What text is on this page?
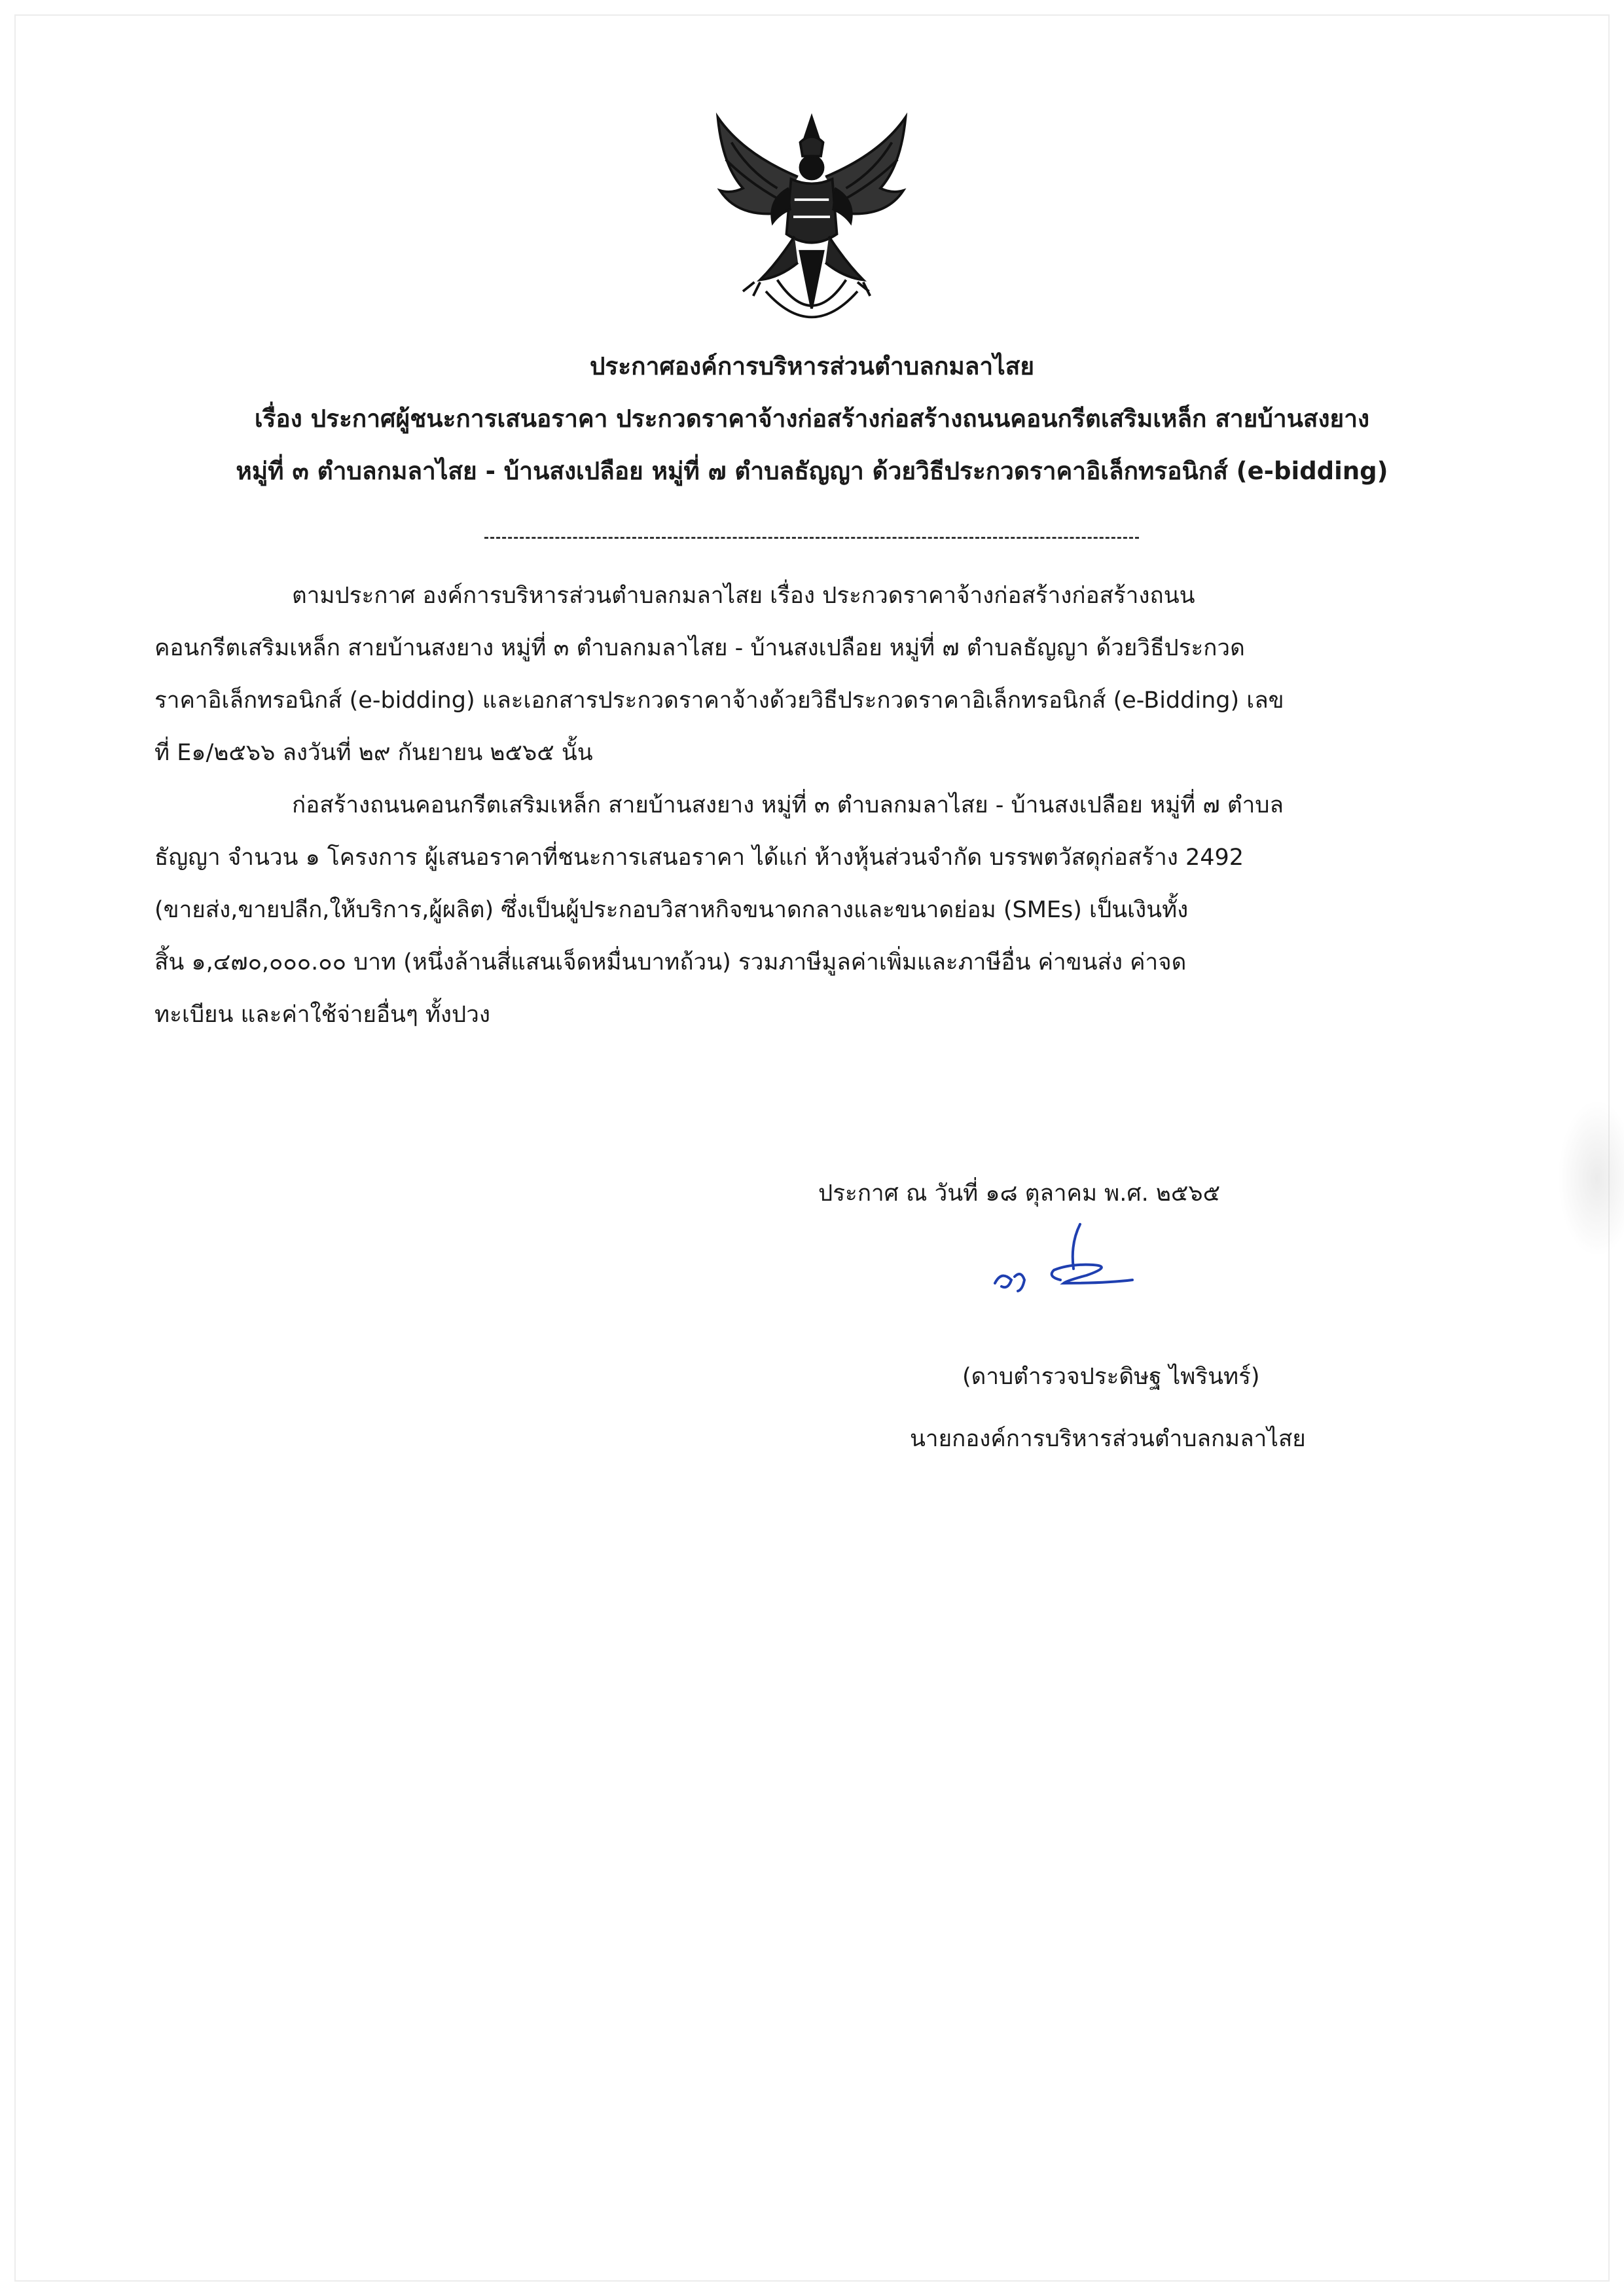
ประกาศองค์การบริหารส่วนตำบลกมลาไสย
เรื่อง ประกาศผู้ชนะการเสนอราคา ประกวดราคาจ้างก่อสร้างก่อสร้างถนนคอนกรีตเสริมเหล็ก สายบ้านสงยาง
หมู่ที่ ๓ ตำบลกมลาไสย - บ้านสงเปลือย หมู่ที่ ๗ ตำบลธัญญา ด้วยวิธีประกวดราคาอิเล็กทรอนิกส์ (e-bidding)
ตามประกาศ องค์การบริหารส่วนตำบลกมลาไสย เรื่อง ประกวดราคาจ้างก่อสร้างก่อสร้างถนน
คอนกรีตเสริมเหล็ก สายบ้านสงยาง หมู่ที่ ๓ ตำบลกมลาไสย - บ้านสงเปลือย หมู่ที่ ๗ ตำบลธัญญา ด้วยวิธีประกวด
ราคาอิเล็กทรอนิกส์ (e-bidding) และเอกสารประกวดราคาจ้างด้วยวิธีประกวดราคาอิเล็กทรอนิกส์ (e-Bidding) เลข
ที่ E๑/๒๕๖๖ ลงวันที่ ๒๙ กันยายน ๒๕๖๕ นั้น
ก่อสร้างถนนคอนกรีตเสริมเหล็ก สายบ้านสงยาง หมู่ที่ ๓ ตำบลกมลาไสย - บ้านสงเปลือย หมู่ที่ ๗ ตำบล
ธัญญา จำนวน ๑ โครงการ ผู้เสนอราคาที่ชนะการเสนอราคา ได้แก่ ห้างหุ้นส่วนจำกัด บรรพตวัสดุก่อสร้าง 2492
(ขายส่ง,ขายปลีก,ให้บริการ,ผู้ผลิต) ซึ่งเป็นผู้ประกอบวิสาหกิจขนาดกลางและขนาดย่อม (SMEs) เป็นเงินทั้ง
สิ้น ๑,๔๗๐,๐๐๐.๐๐ บาท (หนึ่งล้านสี่แสนเจ็ดหมื่นบาทถ้วน) รวมภาษีมูลค่าเพิ่มและภาษีอื่น ค่าขนส่ง ค่าจด
ทะเบียน และค่าใช้จ่ายอื่นๆ ทั้งปวง
ประกาศ ณ วันที่ ๑๘ ตุลาคม พ.ศ. ๒๕๖๕
(ดาบตำรวจประดิษฐ ไพรินทร์)
นายกองค์การบริหารส่วนตำบลกมลาไสย
